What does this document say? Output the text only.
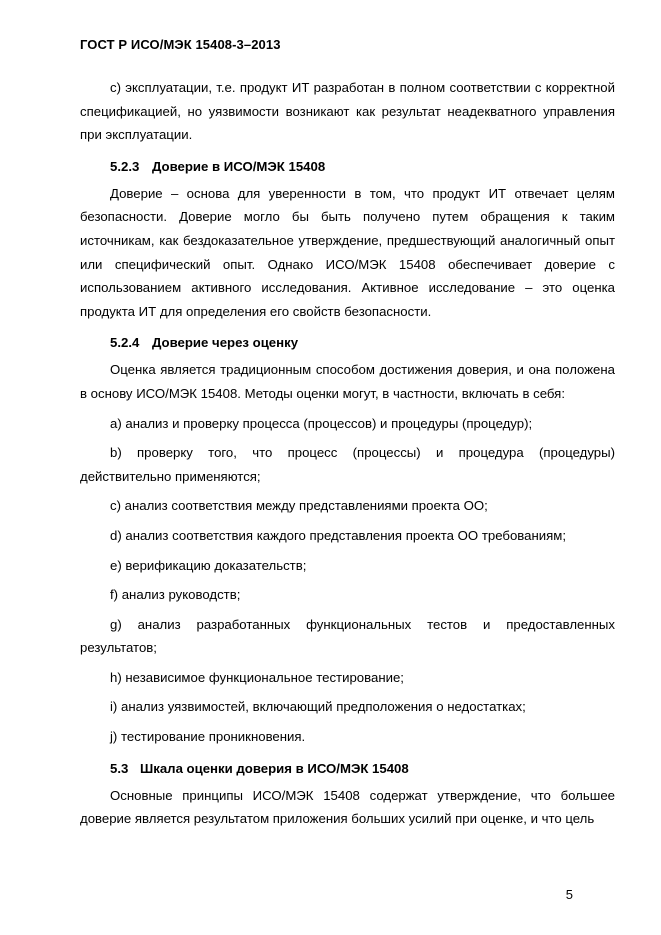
ГОСТ Р ИСО/МЭК 15408-3–2013

c) эксплуатации, т.е. продукт ИТ разработан в полном соответствии с корректной спецификацией, но уязвимости возникают как результат неадекватного управления при эксплуатации.

5.2.3 Доверие в ИСО/МЭК 15408

Доверие – основа для уверенности в том, что продукт ИТ отвечает целям безопасности. Доверие могло бы быть получено путем обращения к таким источникам, как бездоказательное утверждение, предшествующий аналогичный опыт или специфический опыт. Однако ИСО/МЭК 15408 обеспечивает доверие с использованием активного исследования. Активное исследование – это оценка продукта ИТ для определения его свойств безопасности.

5.2.4 Доверие через оценку

Оценка является традиционным способом достижения доверия, и она положена в основу ИСО/МЭК 15408. Методы оценки могут, в частности, включать в себя:

а) анализ и проверку процесса (процессов) и процедуры (процедур);

b) проверку того, что процесс (процессы) и процедура (процедуры) действительно применяются;

c) анализ соответствия между представлениями проекта ОО;

d) анализ соответствия каждого представления проекта ОО требованиям;

e) верификацию доказательств;

f) анализ руководств;

g) анализ разработанных функциональных тестов и предоставленных результатов;

h) независимое функциональное тестирование;

i) анализ уязвимостей, включающий предположения о недостатках;

j) тестирование проникновения.

5.3 Шкала оценки доверия в ИСО/МЭК 15408

Основные принципы ИСО/МЭК 15408 содержат утверждение, что большее доверие является результатом приложения больших усилий при оценке, и что цель

5
